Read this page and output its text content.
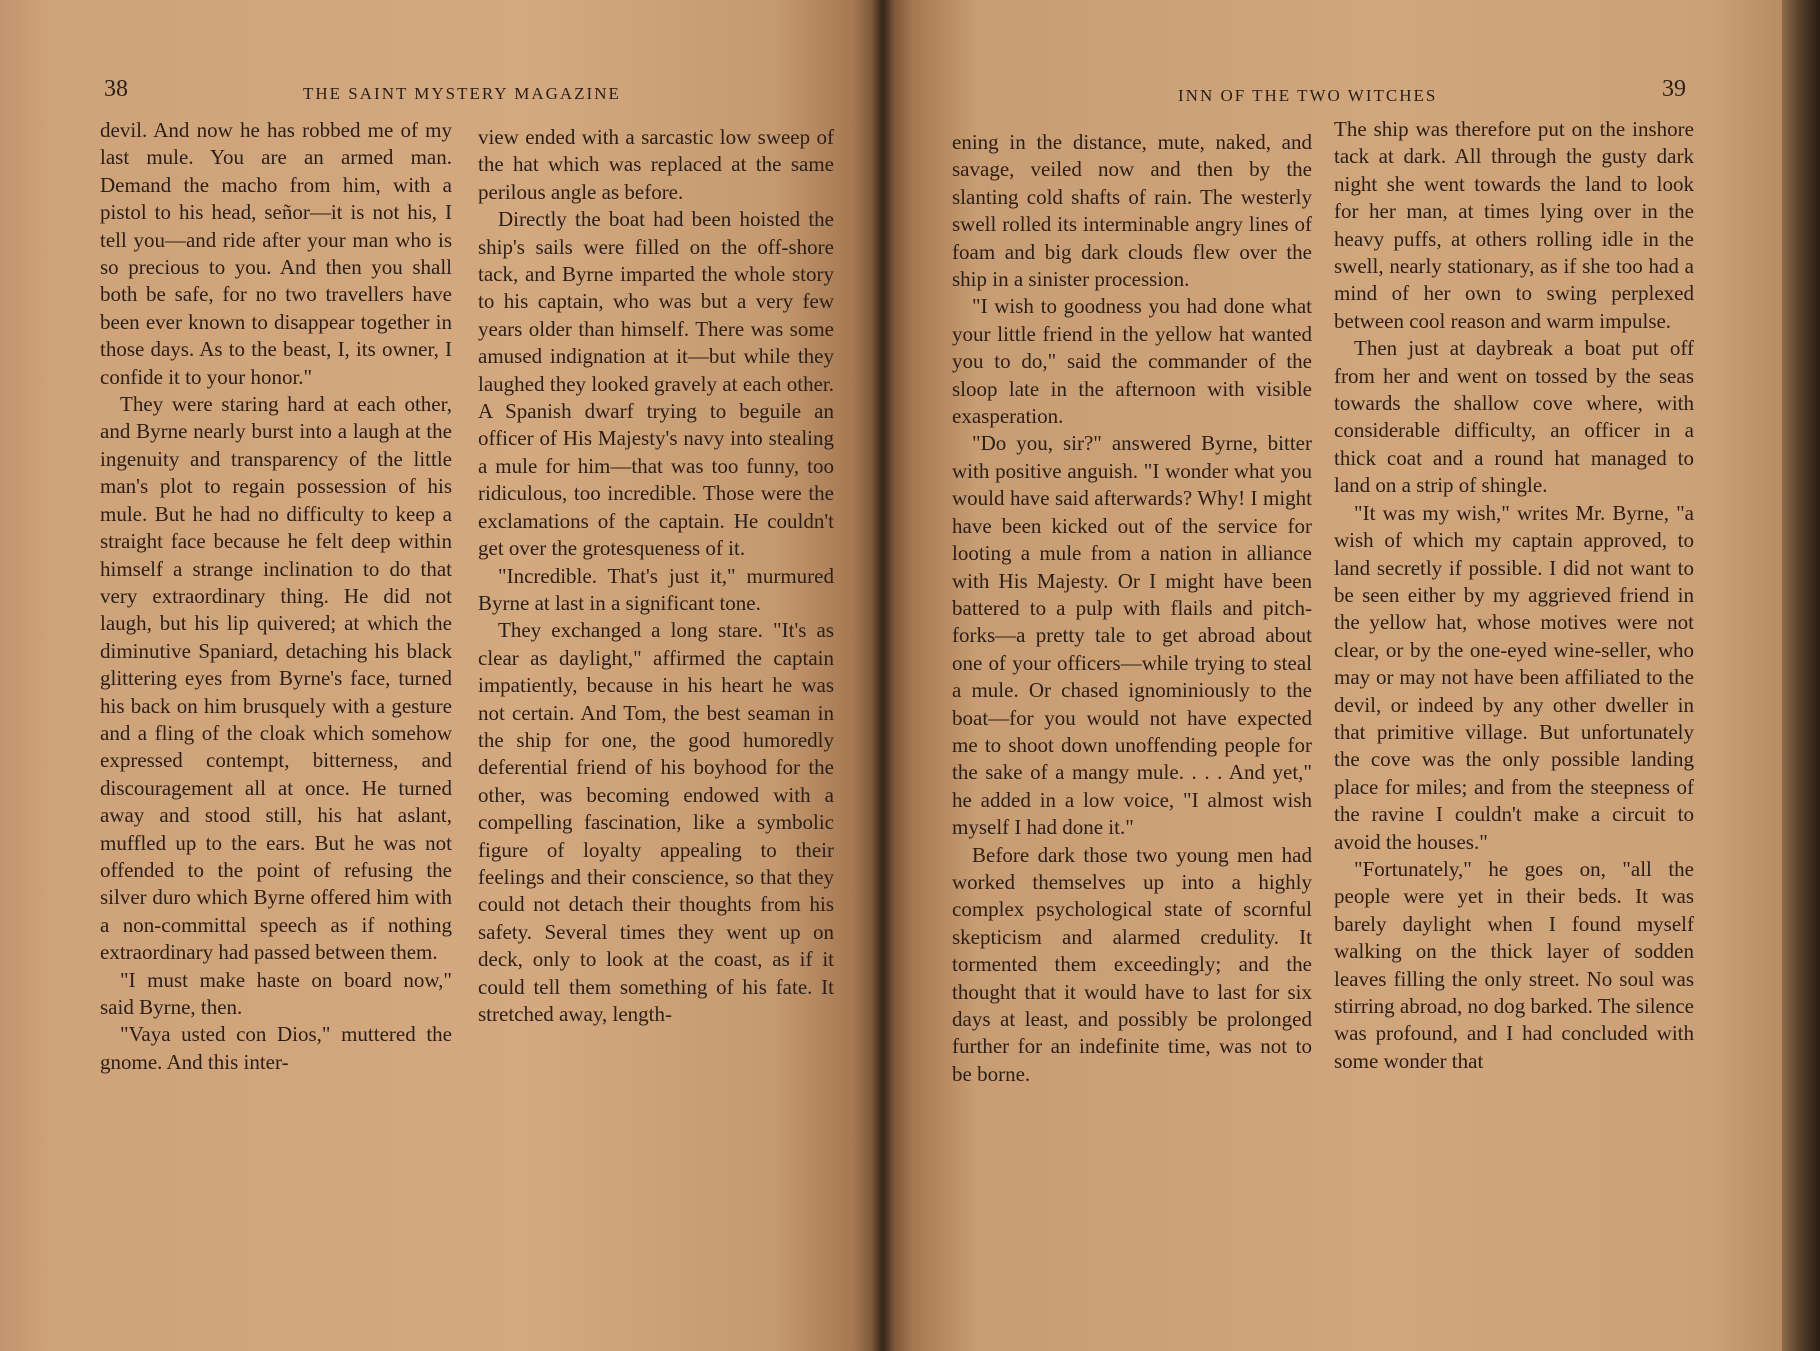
38	THE SAINT MYSTERY MAGAZINE

devil. And now he has robbed me of my last mule. You are an armed man. Demand the macho from him, with a pistol to his head, señor—it is not his, I tell you—and ride after your man who is so precious to you. And then you shall both be safe, for no two travellers have been ever known to disappear together in those days. As to the beast, I, its owner, I confide it to your honor."

They were staring hard at each other, and Byrne nearly burst into a laugh at the ingenuity and transparency of the little man's plot to regain possession of his mule. But he had no difficulty to keep a straight face because he felt deep within himself a strange inclination to do that very extraordinary thing. He did not laugh, but his lip quivered; at which the diminutive Spaniard, detaching his black glittering eyes from Byrne's face, turned his back on him brusquely with a gesture and a fling of the cloak which somehow expressed contempt, bitterness, and discouragement all at once. He turned away and stood still, his hat aslant, muffled up to the ears. But he was not offended to the point of refusing the silver duro which Byrne offered him with a non-committal speech as if nothing extraordinary had passed between them.

"I must make haste on board now," said Byrne, then.

"Vaya usted con Dios," muttered the gnome. And this inter-

view ended with a sarcastic low sweep of the hat which was replaced at the same perilous angle as before.

Directly the boat had been hoisted the ship's sails were filled on the off-shore tack, and Byrne imparted the whole story to his captain, who was but a very few years older than himself. There was some amused indignation at it—but while they laughed they looked gravely at each other. A Spanish dwarf trying to beguile an officer of His Majesty's navy into stealing a mule for him—that was too funny, too ridiculous, too incredible. Those were the exclamations of the captain. He couldn't get over the grotesqueness of it.

"Incredible. That's just it," murmured Byrne at last in a significant tone.

They exchanged a long stare. "It's as clear as daylight," affirmed the captain impatiently, because in his heart he was not certain. And Tom, the best seaman in the ship for one, the good humoredly deferential friend of his boyhood for the other, was becoming endowed with a compelling fascination, like a symbolic figure of loyalty appealing to their feelings and their conscience, so that they could not detach their thoughts from his safety. Several times they went up on deck, only to look at the coast, as if it could tell them something of his fate. It stretched away, length-

INN OF THE TWO WITCHES	39

ening in the distance, mute, naked, and savage, veiled now and then by the slanting cold shafts of rain. The westerly swell rolled its interminable angry lines of foam and big dark clouds flew over the ship in a sinister procession.

"I wish to goodness you had done what your little friend in the yellow hat wanted you to do," said the commander of the sloop late in the afternoon with visible exasperation.

"Do you, sir?" answered Byrne, bitter with positive anguish. "I wonder what you would have said afterwards? Why! I might have been kicked out of the service for looting a mule from a nation in alliance with His Majesty. Or I might have been battered to a pulp with flails and pitch-forks—a pretty tale to get abroad about one of your officers—while trying to steal a mule. Or chased ignominiously to the boat—for you would not have expected me to shoot down unoffending people for the sake of a mangy mule. . . . And yet," he added in a low voice, "I almost wish myself I had done it."

Before dark those two young men had worked themselves up into a highly complex psychological state of scornful skepticism and alarmed credulity. It tormented them exceedingly; and the thought that it would have to last for six days at least, and possibly be prolonged further for an indefinite time, was not to be borne.

The ship was therefore put on the inshore tack at dark. All through the gusty dark night she went towards the land to look for her man, at times lying over in the heavy puffs, at others rolling idle in the swell, nearly stationary, as if she too had a mind of her own to swing perplexed between cool reason and warm impulse.

Then just at daybreak a boat put off from her and went on tossed by the seas towards the shallow cove where, with considerable difficulty, an officer in a thick coat and a round hat managed to land on a strip of shingle.

"It was my wish," writes Mr. Byrne, "a wish of which my captain approved, to land secretly if possible. I did not want to be seen either by my aggrieved friend in the yellow hat, whose motives were not clear, or by the one-eyed wine-seller, who may or may not have been affiliated to the devil, or indeed by any other dweller in that primitive village. But unfortunately the cove was the only possible landing place for miles; and from the steepness of the ravine I couldn't make a circuit to avoid the houses."

"Fortunately," he goes on, "all the people were yet in their beds. It was barely daylight when I found myself walking on the thick layer of sodden leaves filling the only street. No soul was stirring abroad, no dog barked. The silence was profound, and I had concluded with some wonder that
